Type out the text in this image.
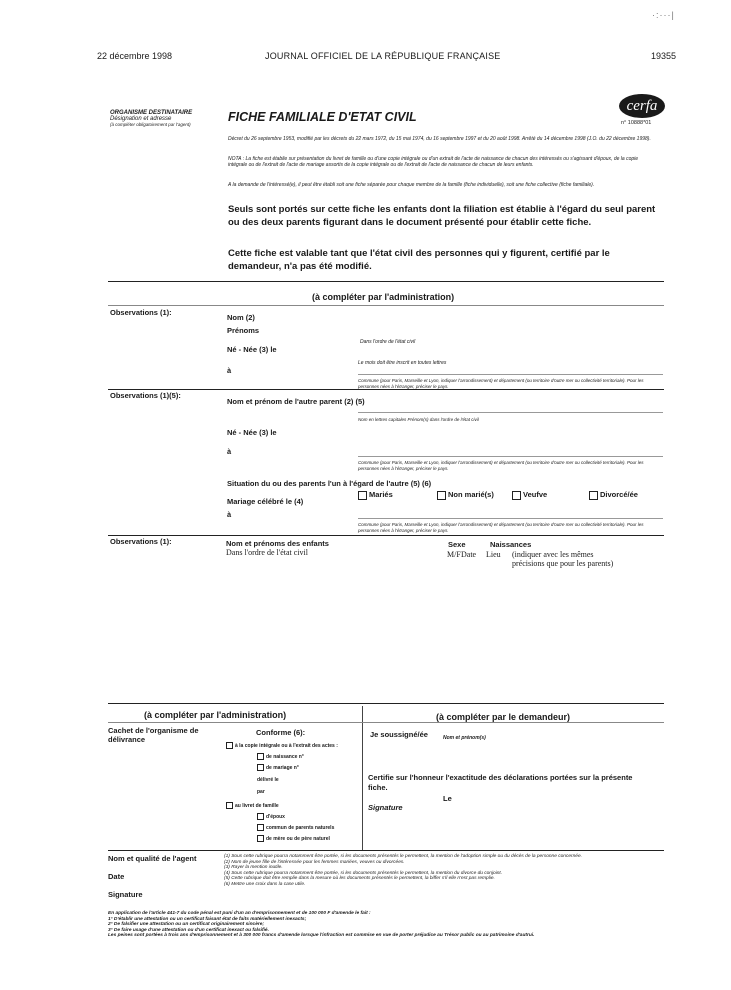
22 décembre 1998	JOURNAL OFFICIEL DE LA RÉPUBLIQUE FRANÇAISE	19355
·:···|
ORGANISME DESTINATAIRE
Désignation et adresse
(à compléter obligatoirement par l'agent)
FICHE FAMILIALE D'ETAT CIVIL
cerfa
n° 10888*01
Décret du 26 septembre 1953, modifié par les décrets du 22 mars 1972, du 15 mai 1974, du 16 septembre 1997 et du 20 août 1998. Arrêté du 14 décembre 1998 (J.O. du 22 décembre 1998).
NOTA : La fiche est établie sur présentation du livret de famille ou d'une copie intégrale ou d'un extrait de l'acte de naissance de chacun des intéressés ou s'agissant d'époux, de la copie intégrale ou de l'extrait de l'acte de mariage assortis de la copie intégrale ou de l'extrait de l'acte de naissance de chacun de leurs enfants.
A la demande de l'intéressé(e), il peut être établi soit une fiche séparée pour chaque membre de la famille (fiche individuelle), soit une fiche collective (fiche familiale).
Seuls sont portés sur cette fiche les enfants dont la filiation est établie à l'égard du seul parent ou des deux parents figurant dans le document présenté pour établir cette fiche.
Cette fiche est valable tant que l'état civil des personnes qui y figurent, certifié par le demandeur, n'a pas été modifié.
(à compléter par l'administration)
Observations (1):
Nom (2)
Prénoms
Dans l'ordre de l'état civil
Né - Née (3) le
Le mois doit être inscrit en toutes lettres
à
Commune (pour Paris, Marseille et Lyon, indiquer l'arrondissement) et département (ou territoire d'outre mer ou collectivité territoriale). Pour les personnes nées à l'étranger, préciser le pays.
Observations (1)(5):
Nom et prénom de l'autre parent (2) (5)
Nom en lettres capitales Prénom(s) dans l'ordre de l'état civil
Né - Née (3) le
à
Commune (pour Paris, Marseille et Lyon, indiquer l'arrondissement) et département (ou territoire d'outre mer ou collectivité territoriale). Pour les personnes nées à l'étranger, préciser le pays.
Situation du ou des parents l'un à l'égard de l'autre (5) (6)
Mariés	Non marié(s)	Veufve	Divorcé/ée
Mariage célébré le (4)
à
Commune (pour Paris, Marseille et Lyon, indiquer l'arrondissement) et département (ou territoire d'outre mer ou collectivité territoriale). Pour les personnes nées à l'étranger, préciser le pays.
Observations (1):	Nom et prénoms des enfants
Dans l'ordre de l'état civil
Sexe	Naissances
M/F Date Lieu (indiquer avec les mêmes précisions que pour les parents)
(à compléter par l'administration)	(à compléter par le demandeur)
Cachet de l'organisme de délivrance
Conforme (6):
à la copie intégrale ou à l'extrait des actes :
de naissance n°
de mariage n°
délivré le
par
au livret de famille
d'époux
commun de parents naturels
de mère ou de père naturel
Je soussigné/ée	Nom et prénom(s)
Certifie sur l'honneur l'exactitude des déclarations portées sur la présente fiche.
Le
Signature
Nom et qualité de l'agent
Date
Signature
(1) Sous cette rubrique pourra notamment être portée, si les documents présentés le permettent, la mention de l'adoption simple ou du décès de la personne concernée.
(2) Nom de jeune fille de l'intéressée pour les femmes mariées, veuves ou divorcées.
(3) Rayer la mention inutile.
(4) Sous cette rubrique pourra notamment être portée, si les documents présentés le permettent, la mention du divorce du conjoint.
(5) Cette rubrique doit être remplie dans la mesure où les documents présentés le permettent, la biffer s'il elle n'est pas remplie.
(6) Mettre une croix dans la case utile.
En application de l'article 441-7 du code pénal est puni d'un an d'emprisonnement et de 100 000 F d'amende le fait :
1° D'établir une attestation ou un certificat faisant état de faits matériellement inexacts;
2° De falsifier une attestation ou un certificat originairement sincère;
3° De faire usage d'une attestation ou d'un certificat inexact ou falsifié.
Les peines sont portées à trois ans d'emprisonnement et à 300 000 francs d'amende lorsque l'infraction est commise en vue de porter préjudice au Trésor public ou au patrimoine d'autrui.
